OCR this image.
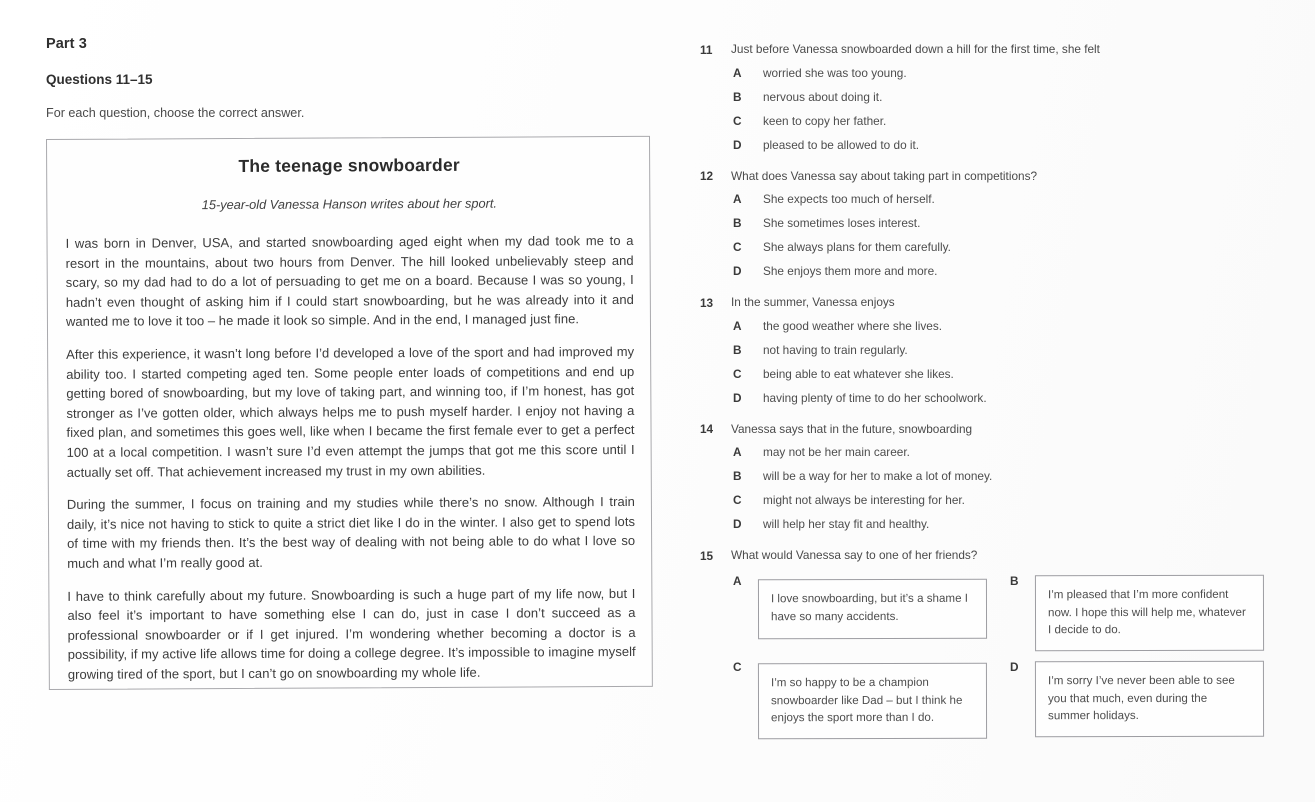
Part 3
Questions 11–15
For each question, choose the correct answer.
The teenage snowboarder
15-year-old Vanessa Hanson writes about her sport.

I was born in Denver, USA, and started snowboarding aged eight when my dad took me to a resort in the mountains, about two hours from Denver. The hill looked unbelievably steep and scary, so my dad had to do a lot of persuading to get me on a board. Because I was so young, I hadn’t even thought of asking him if I could start snowboarding, but he was already into it and wanted me to love it too – he made it look so simple. And in the end, I managed just fine.

After this experience, it wasn’t long before I’d developed a love of the sport and had improved my ability too. I started competing aged ten. Some people enter loads of competitions and end up getting bored of snowboarding, but my love of taking part, and winning too, if I’m honest, has got stronger as I’ve gotten older, which always helps me to push myself harder. I enjoy not having a fixed plan, and sometimes this goes well, like when I became the first female ever to get a perfect 100 at a local competition. I wasn’t sure I’d even attempt the jumps that got me this score until I actually set off. That achievement increased my trust in my own abilities.

During the summer, I focus on training and my studies while there’s no snow. Although I train daily, it’s nice not having to stick to quite a strict diet like I do in the winter. I also get to spend lots of time with my friends then. It’s the best way of dealing with not being able to do what I love so much and what I’m really good at.

I have to think carefully about my future. Snowboarding is such a huge part of my life now, but I also feel it’s important to have something else I can do, just in case I don’t succeed as a professional snowboarder or if I get injured. I’m wondering whether becoming a doctor is a possibility, if my active life allows time for doing a college degree. It’s impossible to imagine myself growing tired of the sport, but I can’t go on snowboarding my whole life.

11	Just before Vanessa snowboarded down a hill for the first time, she felt
A	worried she was too young.
B	nervous about doing it.
C	keen to copy her father.
D	pleased to be allowed to do it.
12	What does Vanessa say about taking part in competitions?
A	She expects too much of herself.
B	She sometimes loses interest.
C	She always plans for them carefully.
D	She enjoys them more and more.
13	In the summer, Vanessa enjoys
A	the good weather where she lives.
B	not having to train regularly.
C	being able to eat whatever she likes.
D	having plenty of time to do her schoolwork.
14	Vanessa says that in the future, snowboarding
A	may not be her main career.
B	will be a way for her to make a lot of money.
C	might not always be interesting for her.
D	will help her stay fit and healthy.
15	What would Vanessa say to one of her friends?
A
I love snowboarding, but it’s a shame I have so many accidents.
B
I’m pleased that I’m more confident now. I hope this will help me, whatever I decide to do.
C
I’m so happy to be a champion snowboarder like Dad – but I think he enjoys the sport more than I do.
D
I’m sorry I’ve never been able to see you that much, even during the summer holidays.
